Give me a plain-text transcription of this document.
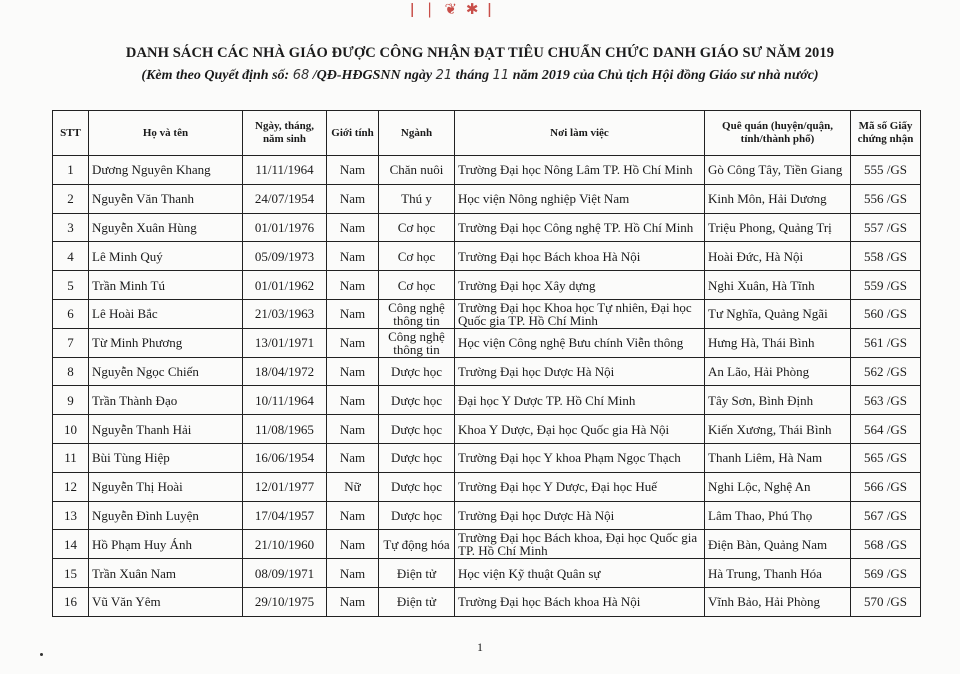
ǀ ❘ ❦ ✱ ǀ
DANH SÁCH CÁC NHÀ GIÁO ĐƯỢC CÔNG NHẬN ĐẠT TIÊU CHUẨN CHỨC DANH GIÁO SƯ NĂM 2019
(Kèm theo Quyết định số: 68 /QĐ-HĐGSNN ngày 21 tháng 11 năm 2019 của Chủ tịch Hội đồng Giáo sư nhà nước)
STT	Họ và tên	Ngày, tháng, năm sinh	Giới tính	Ngành	Nơi làm việc	Quê quán (huyện/quận, tỉnh/thành phố)	Mã số Giấy chứng nhận
1	Dương Nguyên Khang	11/11/1964	Nam	Chăn nuôi	Trường Đại học Nông Lâm TP. Hồ Chí Minh	Gò Công Tây, Tiền Giang	555 /GS
2	Nguyễn Văn Thanh	24/07/1954	Nam	Thú y	Học viện Nông nghiệp Việt Nam	Kinh Môn, Hải Dương	556 /GS
3	Nguyễn Xuân Hùng	01/01/1976	Nam	Cơ học	Trường Đại học Công nghệ TP. Hồ Chí Minh	Triệu Phong, Quảng Trị	557 /GS
4	Lê Minh Quý	05/09/1973	Nam	Cơ học	Trường Đại học Bách khoa Hà Nội	Hoài Đức, Hà Nội	558 /GS
5	Trần Minh Tú	01/01/1962	Nam	Cơ học	Trường Đại học Xây dựng	Nghi Xuân, Hà Tĩnh	559 /GS
6	Lê Hoài Bắc	21/03/1963	Nam	Công nghệ thông tin	Trường Đại học Khoa học Tự nhiên, Đại học Quốc gia TP. Hồ Chí Minh	Tư Nghĩa, Quảng Ngãi	560 /GS
7	Từ Minh Phương	13/01/1971	Nam	Công nghệ thông tin	Học viện Công nghệ Bưu chính Viễn thông	Hưng Hà, Thái Bình	561 /GS
8	Nguyễn Ngọc Chiến	18/04/1972	Nam	Dược học	Trường Đại học Dược Hà Nội	An Lão, Hải Phòng	562 /GS
9	Trần Thành Đạo	10/11/1964	Nam	Dược học	Đại học Y Dược TP. Hồ Chí Minh	Tây Sơn, Bình Định	563 /GS
10	Nguyễn Thanh Hải	11/08/1965	Nam	Dược học	Khoa Y Dược, Đại học Quốc gia Hà Nội	Kiến Xương, Thái Bình	564 /GS
11	Bùi Tùng Hiệp	16/06/1954	Nam	Dược học	Trường Đại học Y khoa Phạm Ngọc Thạch	Thanh Liêm, Hà Nam	565 /GS
12	Nguyễn Thị Hoài	12/01/1977	Nữ	Dược học	Trường Đại học Y Dược, Đại học Huế	Nghi Lộc, Nghệ An	566 /GS
13	Nguyễn Đình Luyện	17/04/1957	Nam	Dược học	Trường Đại học Dược Hà Nội	Lâm Thao, Phú Thọ	567 /GS
14	Hồ Phạm Huy Ánh	21/10/1960	Nam	Tự động hóa	Trường Đại học Bách khoa, Đại học Quốc gia TP. Hồ Chí Minh	Điện Bàn, Quảng Nam	568 /GS
15	Trần Xuân Nam	08/09/1971	Nam	Điện tử	Học viện Kỹ thuật Quân sự	Hà Trung, Thanh Hóa	569 /GS
16	Vũ Văn Yêm	29/10/1975	Nam	Điện tử	Trường Đại học Bách khoa Hà Nội	Vĩnh Bảo, Hải Phòng	570 /GS
1
